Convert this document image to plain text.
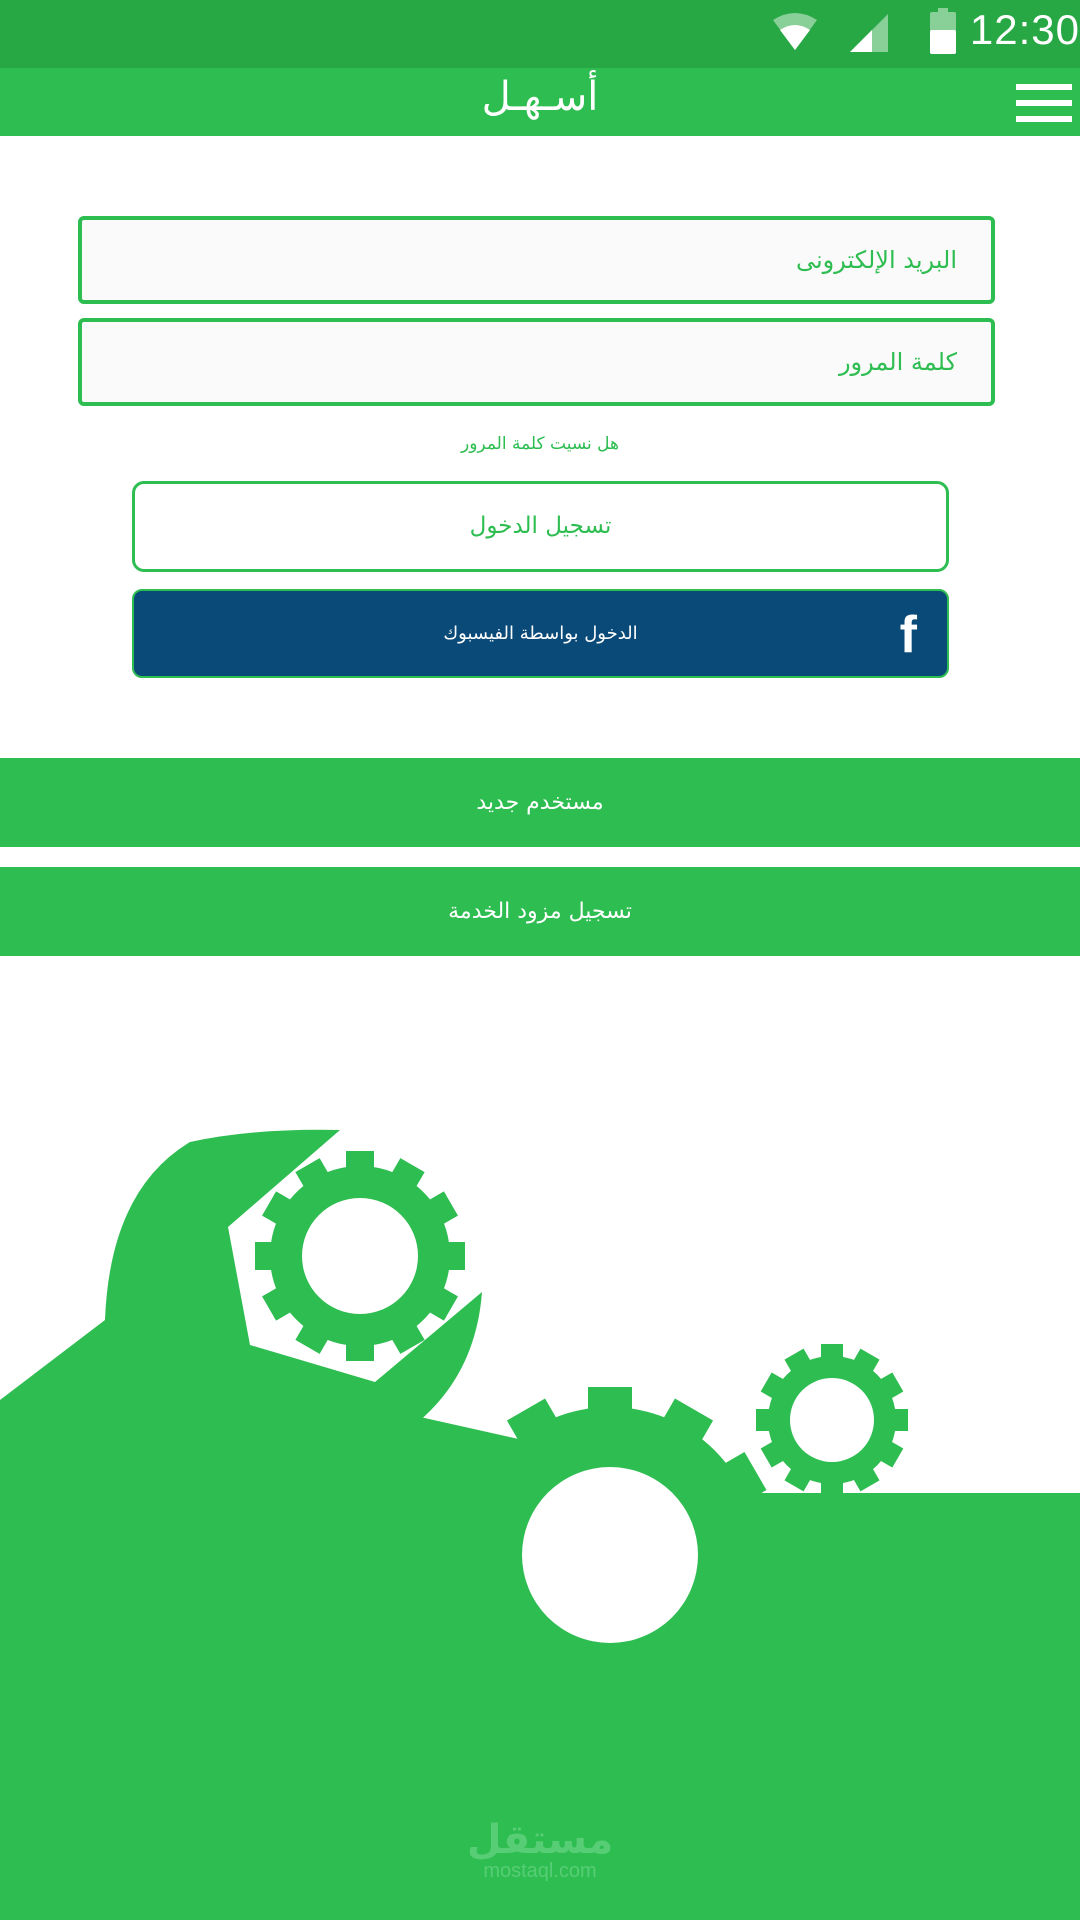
12:30
أسـهـل
البريد الإلكترونى
هل نسيت كلمة المرور
تسجيل الدخول
الدخول بواسطة الفيسبوك	f
مستخدم جديد
تسجيل مزود الخدمة
مستقل
mostaql.com
